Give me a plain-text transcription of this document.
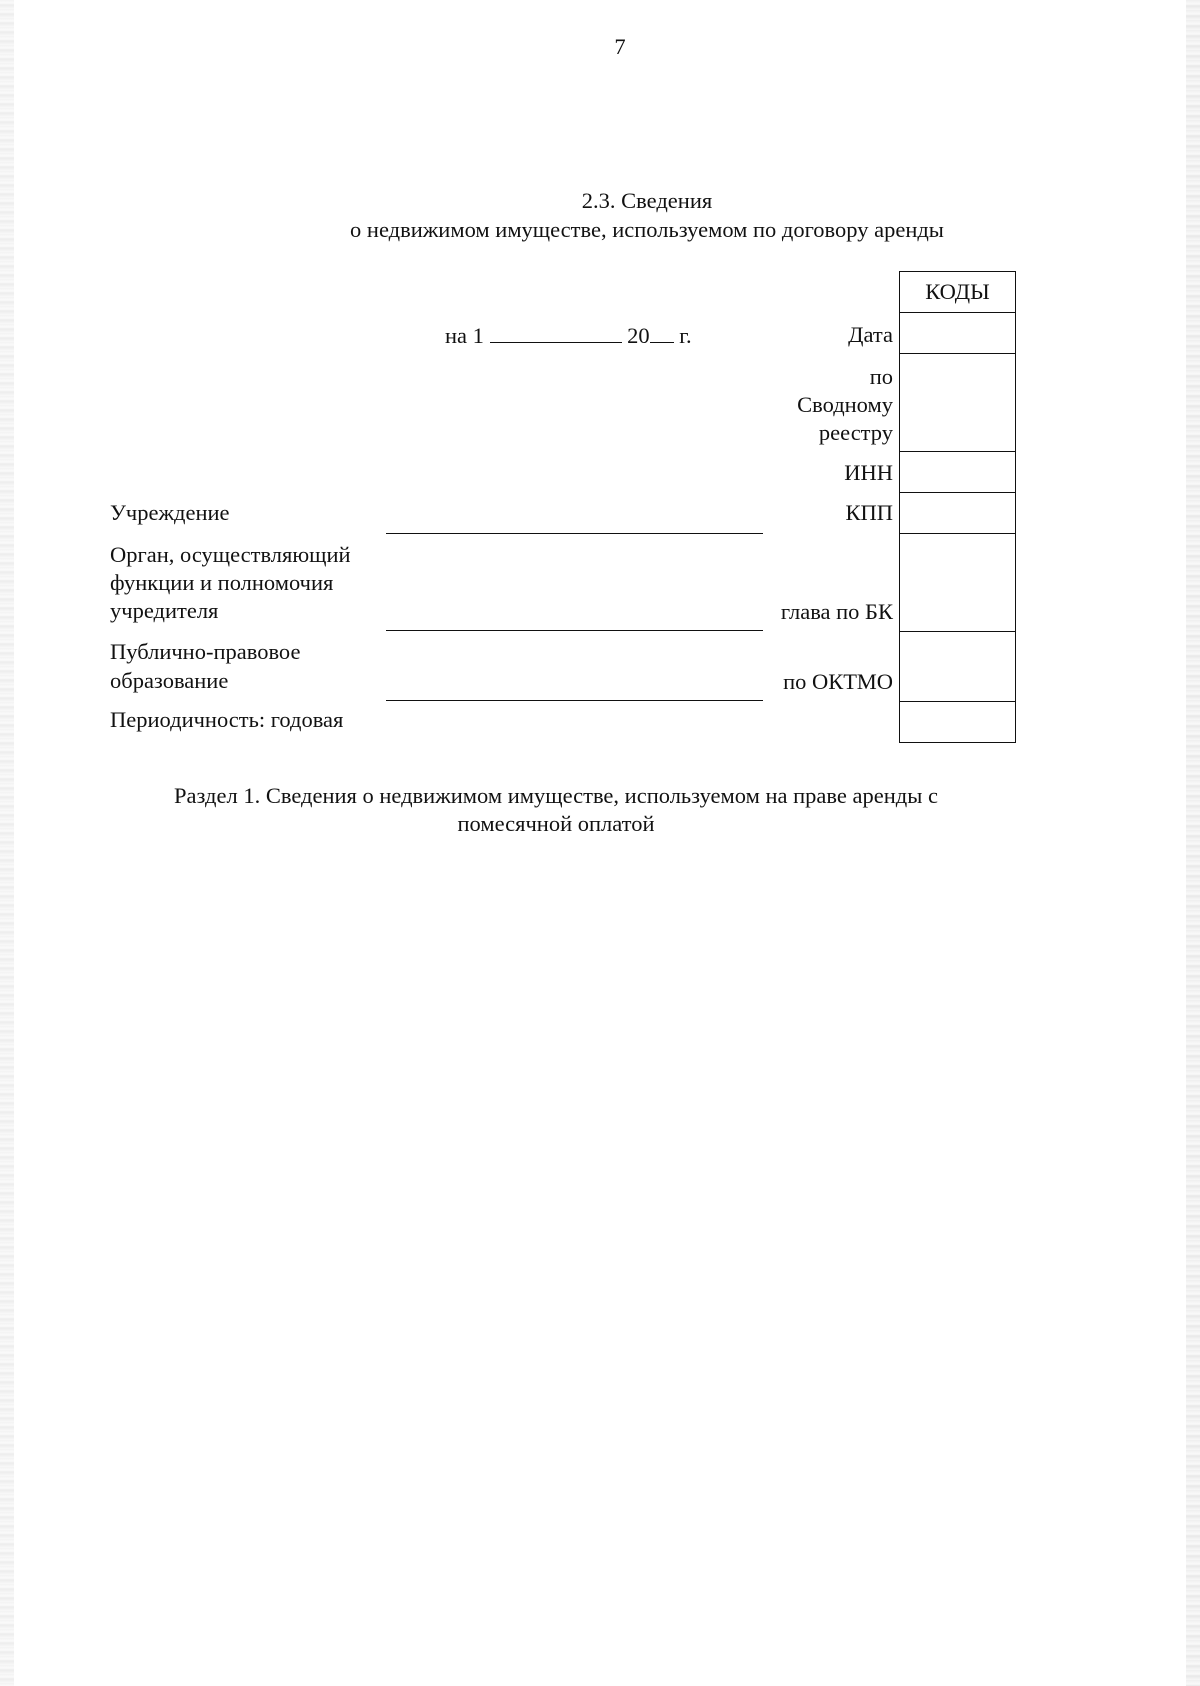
7
2.3. Сведения
о недвижимом имуществе, используемом по договору аренды
КОДЫ
на 1	20 г.	Дата
по
Сводному
реестру
ИНН
КПП
глава по БК
по ОКТМО
Учреждение
Орган, осуществляющий
функции и полномочия
учредителя
Публично-правовое
образование
Периодичность: годовая
Раздел 1. Сведения о недвижимом имуществе, используемом на праве аренды с
помесячной оплатой
